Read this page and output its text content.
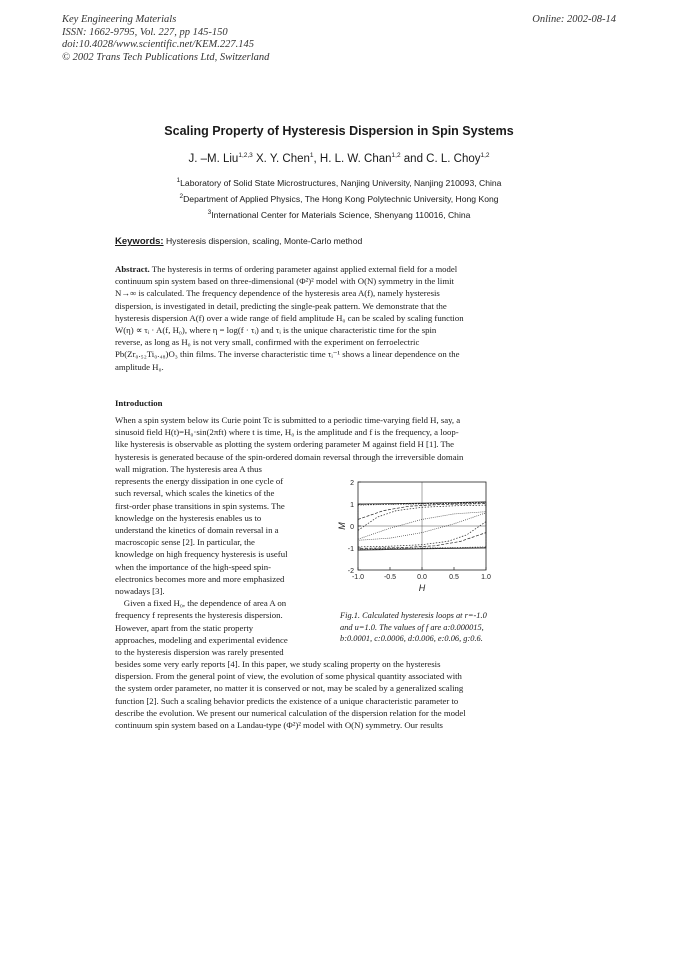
Key Engineering Materials
ISSN: 1662-9795, Vol. 227, pp 145-150
doi:10.4028/www.scientific.net/KEM.227.145
© 2002 Trans Tech Publications Ltd, Switzerland
Online: 2002-08-14
Scaling Property of Hysteresis Dispersion in Spin Systems
J. –M. Liu$^{1,2,3}$ X. Y. Chen$^1$, H. L. W. Chan$^{1,2}$ and C. L. Choy$^{1,2}$
$^1$Laboratory of Solid State Microstructures, Nanjing University, Nanjing 210093, China
$^2$Department of Applied Physics, The Hong Kong Polytechnic University, Hong Kong
$^3$International Center for Materials Science, Shenyang 110016, China
Keywords: Hysteresis dispersion, scaling, Monte-Carlo method
Abstract. The hysteresis in terms of ordering parameter against applied external field for a model
continuum spin system based on three-dimensional (Φ²)² model with O(N) symmetry in the limit
N→∞ is calculated. The frequency dependence of the hysteresis area A(f), namely hysteresis
dispersion, is investigated in detail, predicting the single-peak pattern. We demonstrate that the
hysteresis dispersion A(f) over a wide range of field amplitude H₀ can be scaled by scaling function
W(η) ∝ τᵢ · A(f, H₀), where η = log(f · τᵢ) and τᵢ is the unique characteristic time for the spin
reverse, as long as H₀ is not very small, confirmed with the experiment on ferroelectric
Pb(Zr₀.₅₂Ti₀.₄₈)O₃ thin films. The inverse characteristic time τᵢ⁻¹ shows a linear dependence on the
amplitude H₀.
Introduction
When a spin system below its Curie point Tc is submitted to a periodic time-varying field H, say, a
sinusoid field H(t)=H₀·sin(2πft) where t is time, H₀ is the amplitude and f is the frequency, a loop-
like hysteresis is observable as plotting the system ordering parameter M against field H [1]. The
hysteresis is generated because of the spin-ordered domain reversal through the irreversible domain
wall migration. The hysteresis area A thus
represents the energy dissipation in one cycle of
such reversal, which scales the kinetics of the
first-order phase transitions in spin systems. The
knowledge on the hysteresis enables us to
understand the kinetics of domain reversal in a
macroscopic sense [2]. In particular, the
knowledge on high frequency hysteresis is useful
when the importance of the high-speed spin-
electronics becomes more and more emphasized
nowadays [3].
Given a fixed H₀, the dependence of area A on
frequency f represents the hysteresis dispersion.
However, apart from the static property
approaches, modeling and experimental evidence
to the hysteresis dispersion was rarely presented
2
1
0
-1
-2
-1.0	-0.5	0.0	0.5	1.0
M
H
Fig.1. Calculated hysteresis loops at r=-1.0
and u=1.0. The values of f are a:0.000015,
b:0.0001, c:0.0006, d:0.006, e:0.06, g:0.6.
besides some very early reports [4]. In this paper, we study scaling property on the hysteresis
dispersion. From the general point of view, the evolution of some physical quantity associated with
the system order parameter, no matter it is conserved or not, may be scaled by a generalized scaling
function [2]. Such a scaling behavior predicts the existence of a unique characteristic parameter to
describe the evolution. We present our numerical calculation of the dispersion relation for the model
continuum spin system based on a Landau-type (Φ²)² model with O(N) symmetry. Our results
